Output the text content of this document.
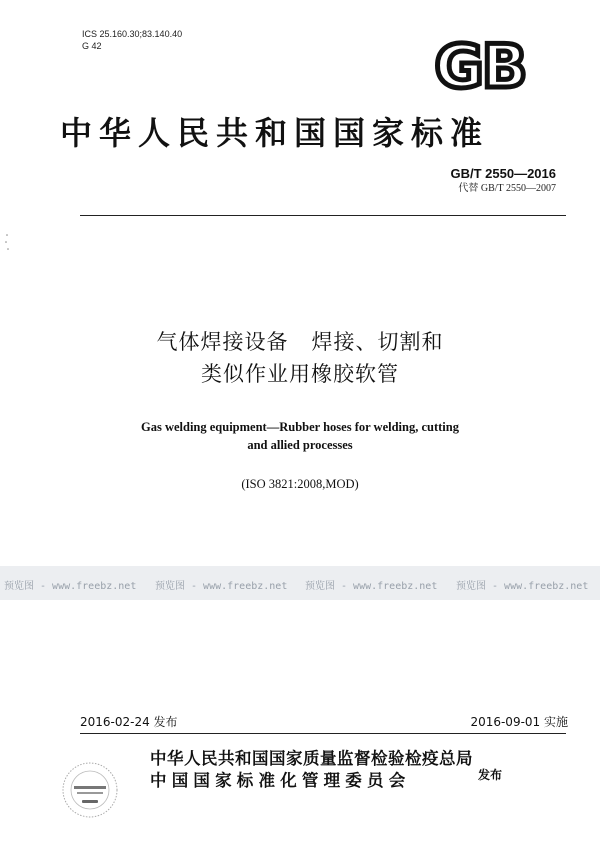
ICS 25.160.30;83.140.40
G 42	GB
中华人民共和国国家标准
GB/T 2550—2016
代替 GB/T 2550—2007
气体焊接设备   焊接、切割和
类似作业用橡胶软管
Gas welding equipment—Rubber hoses for welding, cutting
and allied processes
(ISO 3821:2008,MOD)
预览图 - www.freebz.net 预览图 - www.freebz.net 预览图 - www.freebz.net 预览图 - www.freebz.net
2016-02-24 发布	2016-09-01 实施
中华人民共和国国家质量监督检验检疫总局
中国国家标准化管理委员会	发布
